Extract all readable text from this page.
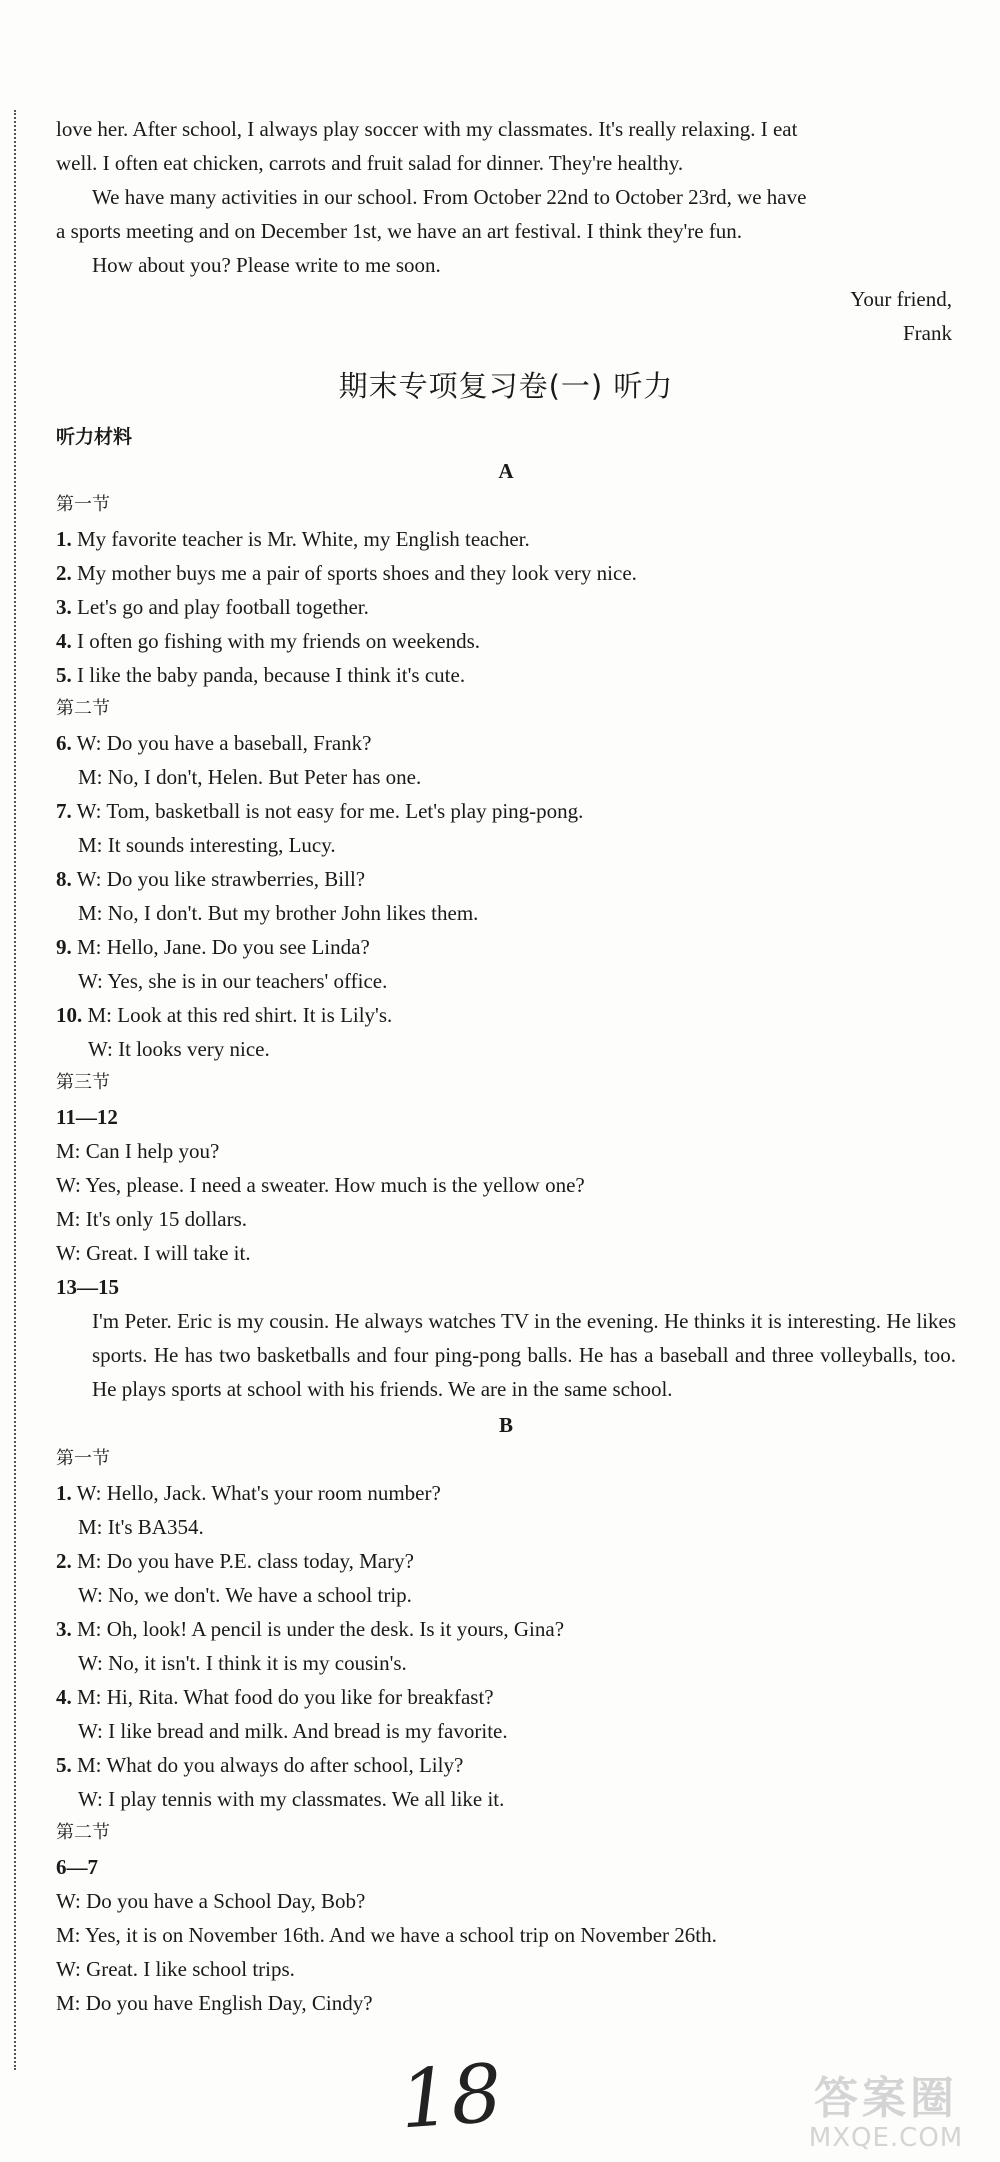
love her. After school, I always play soccer with my classmates. It's really relaxing. I eat
well. I often eat chicken, carrots and fruit salad for dinner. They're healthy.
We have many activities in our school. From October 22nd to October 23rd, we have
a sports meeting and on December 1st, we have an art festival. I think they're fun.
How about you? Please write to me soon.
Your friend,
Frank
期末专项复习卷(一) 听力
听力材料
A
第一节
1. My favorite teacher is Mr. White, my English teacher.
2. My mother buys me a pair of sports shoes and they look very nice.
3. Let's go and play football together.
4. I often go fishing with my friends on weekends.
5. I like the baby panda, because I think it's cute.
第二节
6. W: Do you have a baseball, Frank?
M: No, I don't, Helen. But Peter has one.
7. W: Tom, basketball is not easy for me. Let's play ping-pong.
M: It sounds interesting, Lucy.
8. W: Do you like strawberries, Bill?
M: No, I don't. But my brother John likes them.
9. M: Hello, Jane. Do you see Linda?
W: Yes, she is in our teachers' office.
10. M: Look at this red shirt. It is Lily's.
W: It looks very nice.
第三节
11—12
M: Can I help you?
W: Yes, please. I need a sweater. How much is the yellow one?
M: It's only 15 dollars.
W: Great. I will take it.
13—15
I'm Peter. Eric is my cousin. He always watches TV in the evening. He thinks it is interesting. He likes sports. He has two basketballs and four ping-pong balls. He has a baseball and three volleyballs, too. He plays sports at school with his friends. We are in the same school.
B
第一节
1. W: Hello, Jack. What's your room number?
M: It's BA354.
2. M: Do you have P.E. class today, Mary?
W: No, we don't. We have a school trip.
3. M: Oh, look! A pencil is under the desk. Is it yours, Gina?
W: No, it isn't. I think it is my cousin's.
4. M: Hi, Rita. What food do you like for breakfast?
W: I like bread and milk. And bread is my favorite.
5. M: What do you always do after school, Lily?
W: I play tennis with my classmates. We all like it.
第二节
6—7
W: Do you have a School Day, Bob?
M: Yes, it is on November 16th. And we have a school trip on November 26th.
W: Great. I like school trips.
M: Do you have English Day, Cindy?
18	答案圈
MXQE.COM
